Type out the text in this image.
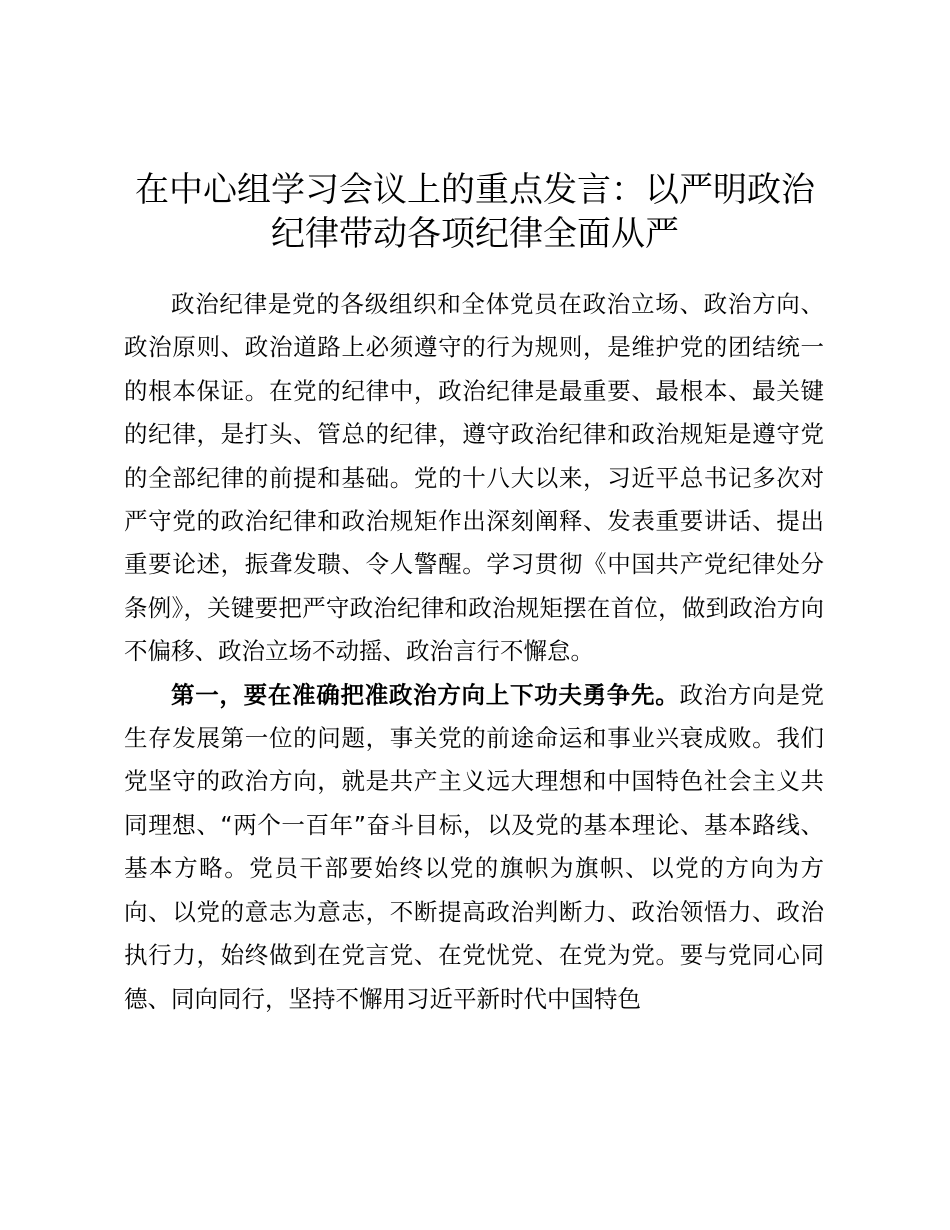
在中心组学习会议上的重点发言：以严明政治
纪律带动各项纪律全面从严

政治纪律是党的各级组织和全体党员在政治立场、政治方向、政治原则、政治道路上必须遵守的行为规则，是维护党的团结统一的根本保证。在党的纪律中，政治纪律是最重要、最根本、最关键的纪律，是打头、管总的纪律，遵守政治纪律和政治规矩是遵守党的全部纪律的前提和基础。党的十八大以来，习近平总书记多次对严守党的政治纪律和政治规矩作出深刻阐释、发表重要讲话、提出重要论述，振聋发聩、令人警醒。学习贯彻《中国共产党纪律处分条例》，关键要把严守政治纪律和政治规矩摆在首位，做到政治方向不偏移、政治立场不动摇、政治言行不懈怠。

第一，要在准确把准政治方向上下功夫勇争先。政治方向是党生存发展第一位的问题，事关党的前途命运和事业兴衰成败。我们党坚守的政治方向，就是共产主义远大理想和中国特色社会主义共同理想、“两个一百年”奋斗目标，以及党的基本理论、基本路线、基本方略。党员干部要始终以党的旗帜为旗帜、以党的方向为方向、以党的意志为意志，不断提高政治判断力、政治领悟力、政治执行力，始终做到在党言党、在党忧党、在党为党。要与党同心同德、同向同行，坚持不懈用习近平新时代中国特色
